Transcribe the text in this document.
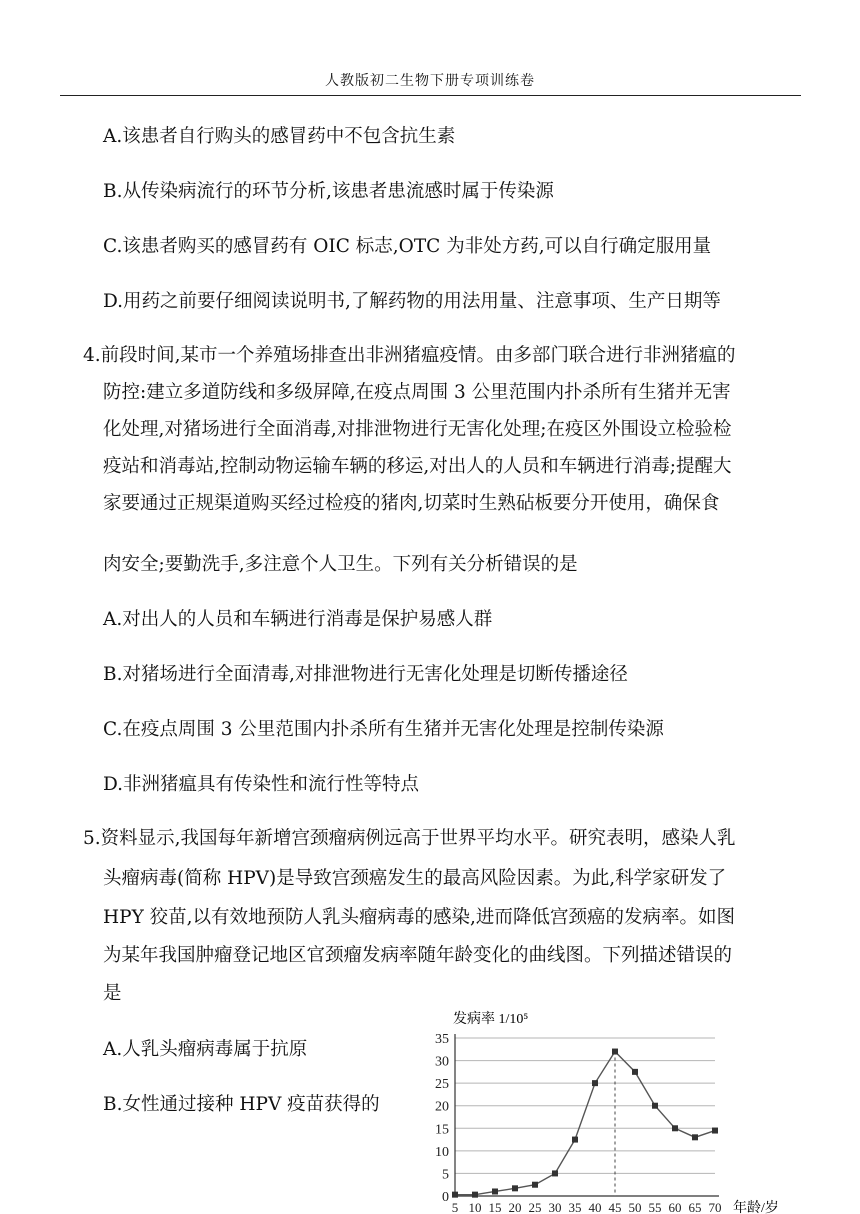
人教版初二生物下册专项训练卷
A.该患者自行购头的感冒药中不包含抗生素
B.从传染病流行的环节分析,该患者患流感时属于传染源
C.该患者购买的感冒药有 OIC 标志,OTC 为非处方药,可以自行确定服用量
D.用药之前要仔细阅读说明书,了解药物的用法用量、注意事项、生产日期等
4.前段时间,某市一个养殖场排查出非洲猪瘟疫情。由多部门联合进行非洲猪瘟的
防控:建立多道防线和多级屏障,在疫点周围 3 公里范围内扑杀所有生猪并无害
化处理,对猪场进行全面消毒,对排泄物进行无害化处理;在疫区外围设立检验检
疫站和消毒站,控制动物运输车辆的移运,对出人的人员和车辆进行消毒;提醒大
家要通过正规渠道购买经过检疫的猪肉,切菜时生熟砧板要分开使用，确保食
肉安全;要勤洗手,多注意个人卫生。下列有关分析错误的是
A.对出人的人员和车辆进行消毒是保护易感人群
B.对猪场进行全面清毒,对排泄物进行无害化处理是切断传播途径
C.在疫点周围 3 公里范围内扑杀所有生猪并无害化处理是控制传染源
D.非洲猪瘟具有传染性和流行性等特点
5.资料显示,我国每年新增宫颈瘤病例远高于世界平均水平。研究表明，感染人乳
头瘤病毒(简称 HPV)是导致宫颈癌发生的最高风险因素。为此,科学家研发了
HPY 狡苗,以有效地预防人乳头瘤病毒的感染,进而降低宫颈癌的发病率。如图
为某年我国肿瘤登记地区官颈瘤发病率随年龄变化的曲线图。下列描述错误的
是
A.人乳头瘤病毒属于抗原
B.女性通过接种 HPV 疫苗获得的
发病率 1/10⁵
年龄/岁
0
5
10
15
20
25
30
35
5 10 15 20 25 30 35 40 45 50 55 60 65 70
